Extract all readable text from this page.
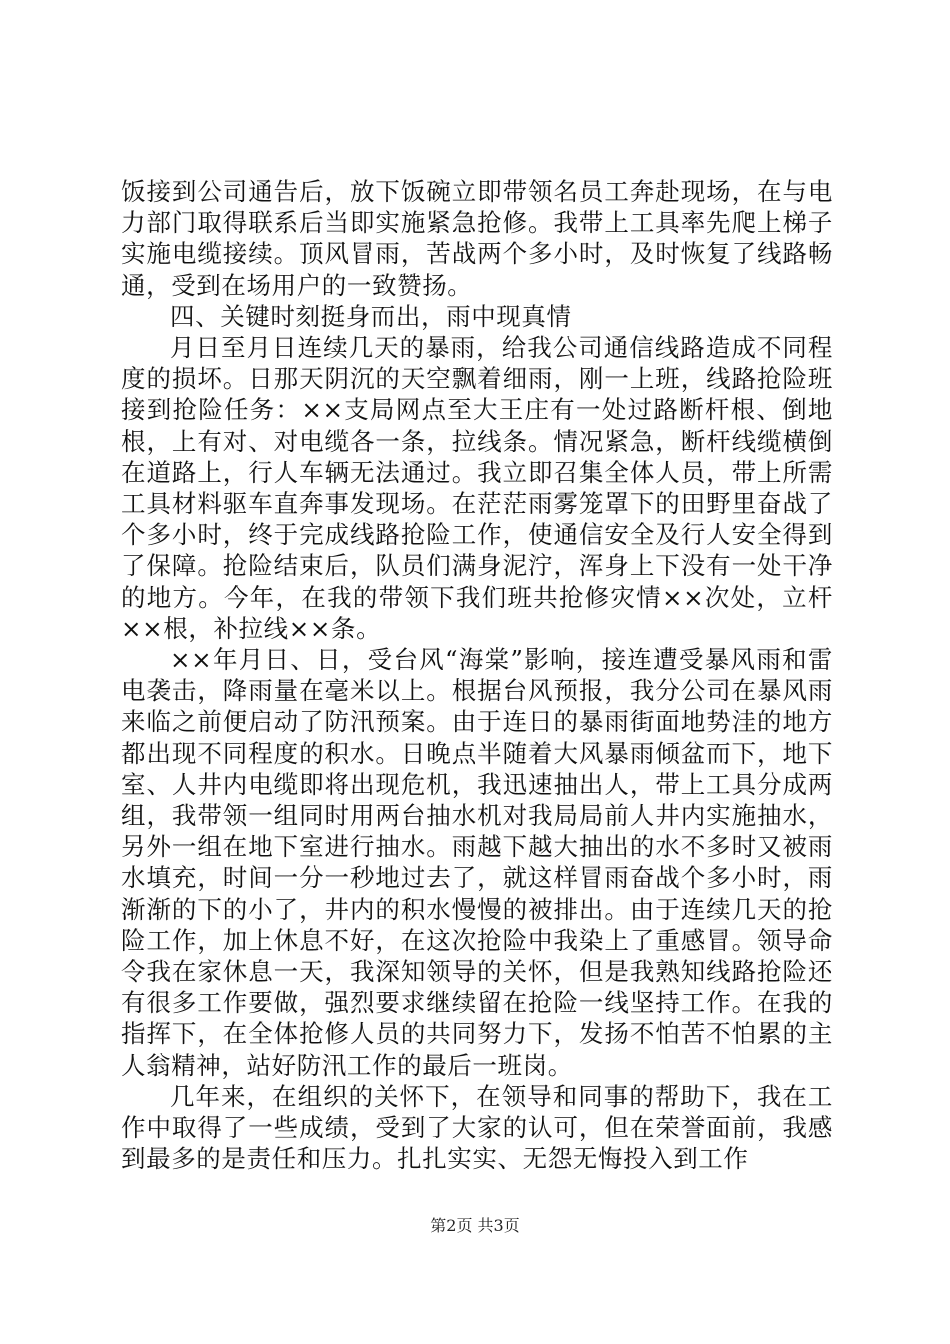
饭接到公司通告后，放下饭碗立即带领名员工奔赴现场，在与电力部门取得联系后当即实施紧急抢修。我带上工具率先爬上梯子实施电缆接续。顶风冒雨，苦战两个多小时，及时恢复了线路畅通，受到在场用户的一致赞扬。

四、关键时刻挺身而出，雨中现真情

月日至月日连续几天的暴雨，给我公司通信线路造成不同程度的损坏。日那天阴沉的天空飘着细雨，刚一上班，线路抢险班接到抢险任务：××支局网点至大王庄有一处过路断杆根、倒地根，上有对、对电缆各一条，拉线条。情况紧急，断杆线缆横倒在道路上，行人车辆无法通过。我立即召集全体人员，带上所需工具材料驱车直奔事发现场。在茫茫雨雾笼罩下的田野里奋战了个多小时，终于完成线路抢险工作，使通信安全及行人安全得到了保障。抢险结束后，队员们满身泥泞，浑身上下没有一处干净的地方。今年，在我的带领下我们班共抢修灾情××次处，立杆××根，补拉线××条。

××年月日、日，受台风“海棠”影响，接连遭受暴风雨和雷电袭击，降雨量在毫米以上。根据台风预报，我分公司在暴风雨来临之前便启动了防汛预案。由于连日的暴雨街面地势洼的地方都出现不同程度的积水。日晚点半随着大风暴雨倾盆而下，地下室、人井内电缆即将出现危机，我迅速抽出人，带上工具分成两组，我带领一组同时用两台抽水机对我局局前人井内实施抽水，另外一组在地下室进行抽水。雨越下越大抽出的水不多时又被雨水填充，时间一分一秒地过去了，就这样冒雨奋战个多小时，雨渐渐的下的小了，井内的积水慢慢的被排出。由于连续几天的抢险工作，加上休息不好，在这次抢险中我染上了重感冒。领导命令我在家休息一天，我深知领导的关怀，但是我熟知线路抢险还有很多工作要做，强烈要求继续留在抢险一线坚持工作。在我的指挥下，在全体抢修人员的共同努力下，发扬不怕苦不怕累的主人翁精神，站好防汛工作的最后一班岗。

几年来，在组织的关怀下，在领导和同事的帮助下，我在工作中取得了一些成绩，受到了大家的认可，但在荣誉面前，我感到最多的是责任和压力。扎扎实实、无怨无悔投入到工作

第2页 共3页
